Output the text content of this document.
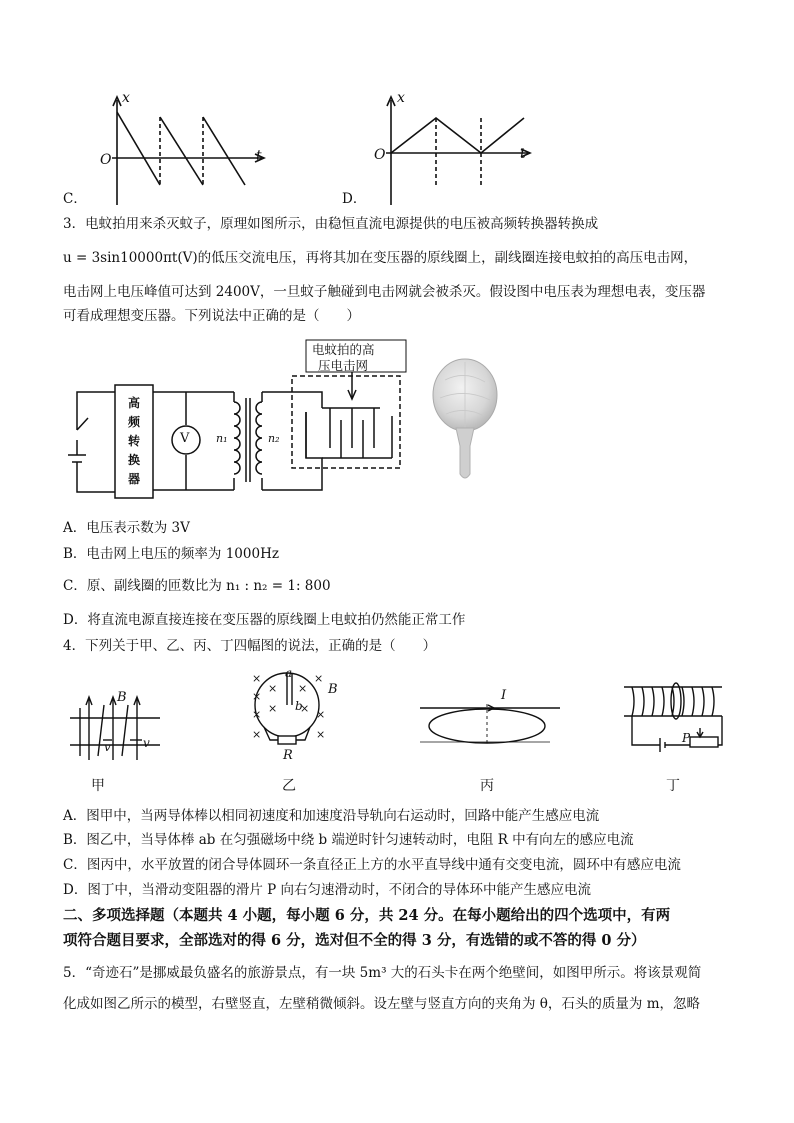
x
t
O
C．
x
t
O
D．
3．电蚊拍用来杀灭蚊子，原理如图所示，由稳恒直流电源提供的电压被高频转换器转换成
u = 3sin10000πt(V)的低压交流电压，再将其加在变压器的原线圈上，副线圈连接电蚊拍的高压电击网，
电击网上电压峰值可达到 2400V，一旦蚊子触碰到电击网就会被杀灭。假设图中电压表为理想电表，变压器
可看成理想变压器。下列说法中正确的是（　　）
V n₁	n₂
高
频
转
换
器
电蚊拍的高
压电击网
A．电压表示数为 3V
B．电击网上电压的频率为 1000Hz
C．原、副线圈的匝数比为 n₁ : n₂ = 1: 800
D．将直流电源直接连接在变压器的原线圈上电蚊拍仍然能正常工作
4．下列关于甲、乙、丙、丁四幅图的说法，正确的是（　　）
×
×
×
×
×
×
×
×
×
×
×
B
v	v
a
b
B
R
I
P
甲	乙	丙	丁
A．图甲中，当两导体棒以相同初速度和加速度沿导轨向右运动时，回路中能产生感应电流
B．图乙中，当导体棒 ab 在匀强磁场中绕 b 端逆时针匀速转动时，电阻 R 中有向左的感应电流
C．图丙中，水平放置的闭合导体圆环一条直径正上方的水平直导线中通有交变电流，圆环中有感应电流
D．图丁中，当滑动变阻器的滑片 P 向右匀速滑动时，不闭合的导体环中能产生感应电流
二、多项选择题（本题共 4 小题，每小题 6 分，共 24 分。在每小题给出的四个选项中，有两
项符合题目要求，全部选对的得 6 分，选对但不全的得 3 分，有选错的或不答的得 0 分）
5．“奇迹石”是挪威最负盛名的旅游景点，有一块 5m³ 大的石头卡在两个绝壁间，如图甲所示。将该景观简
化成如图乙所示的模型，右壁竖直，左壁稍微倾斜。设左壁与竖直方向的夹角为 θ，石头的质量为 m，忽略
